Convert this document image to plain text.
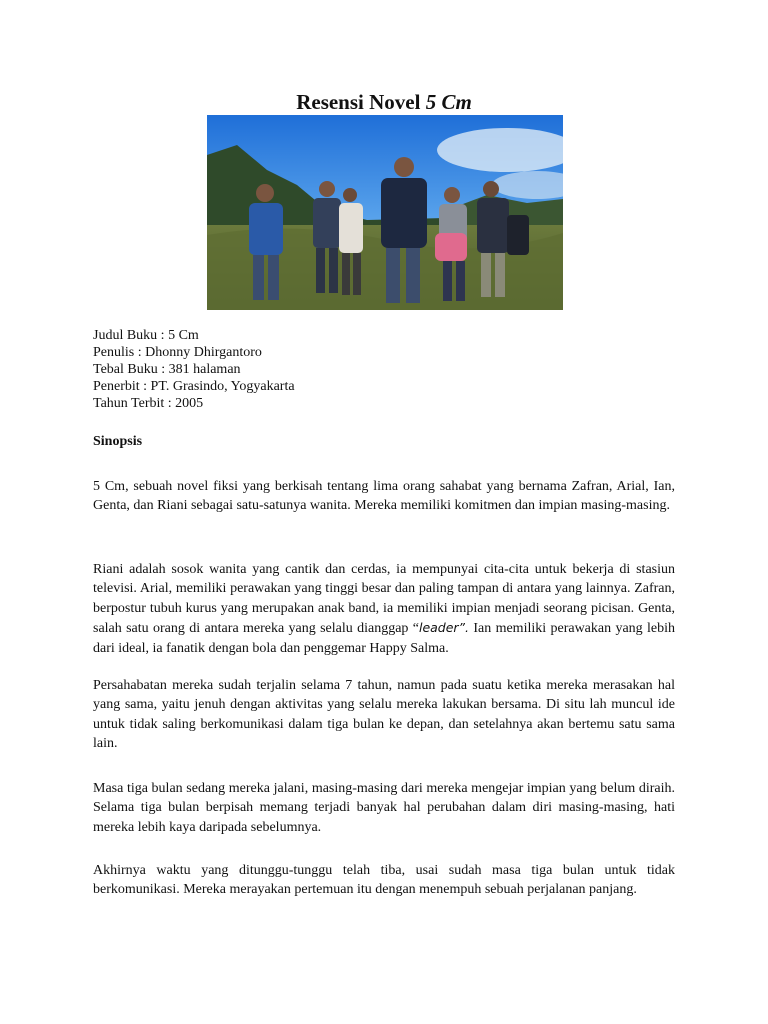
Resensi Novel 5 Cm
Judul Buku : 5 Cm
Penulis : Dhonny Dhirgantoro
Tebal Buku : 381 halaman
Penerbit : PT. Grasindo, Yogyakarta
Tahun Terbit : 2005
Sinopsis

5 Cm, sebuah novel fiksi yang berkisah tentang lima orang sahabat yang bernama Zafran, Arial, Ian, Genta, dan Riani sebagai satu-satunya wanita. Mereka memiliki komitmen dan impian masing-masing.

Riani adalah sosok wanita yang cantik dan cerdas, ia mempunyai cita-cita untuk bekerja di stasiun televisi. Arial, memiliki perawakan yang tinggi besar dan paling tampan di antara yang lainnya. Zafran, berpostur tubuh kurus yang merupakan anak band, ia memiliki impian menjadi seorang picisan. Genta, salah satu orang di antara mereka yang selalu dianggap “leader”. Ian memiliki perawakan yang lebih dari ideal, ia fanatik dengan bola dan penggemar Happy Salma.

Persahabatan mereka sudah terjalin selama 7 tahun, namun pada suatu ketika mereka merasakan hal yang sama, yaitu jenuh dengan aktivitas yang selalu mereka lakukan bersama. Di situ lah muncul ide untuk tidak saling berkomunikasi dalam tiga bulan ke depan, dan setelahnya akan bertemu satu sama lain.

Masa tiga bulan sedang mereka jalani, masing-masing dari mereka mengejar impian yang belum diraih. Selama tiga bulan berpisah memang terjadi banyak hal perubahan dalam diri masing-masing, hati mereka lebih kaya daripada sebelumnya.

Akhirnya waktu yang ditunggu-tunggu telah tiba, usai sudah masa tiga bulan untuk tidak berkomunikasi. Mereka merayakan pertemuan itu dengan menempuh sebuah perjalanan panjang.
